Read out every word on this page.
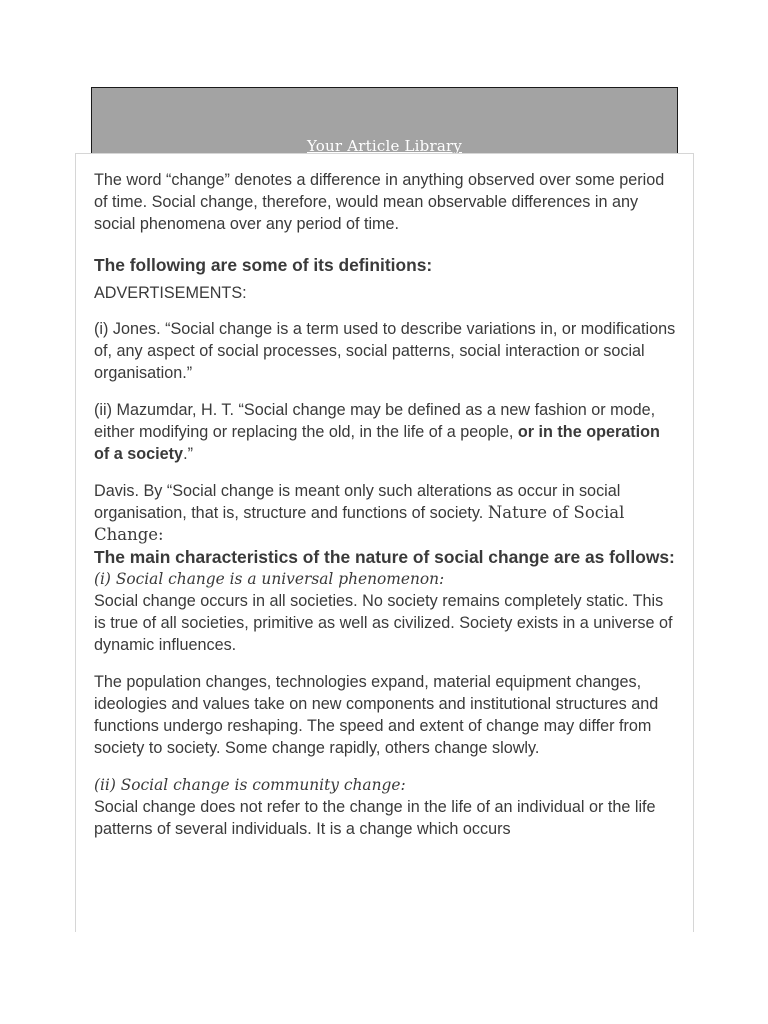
Your Article Library

The word “change” denotes a difference in anything observed over some period of time. Social change, therefore, would mean observable differences in any social phenomena over any period of time.

The following are some of its definitions:

ADVERTISEMENTS:

(i) Jones. “Social change is a term used to describe variations in, or modifications of, any aspect of social processes, social patterns, social interaction or social organisation.”

(ii) Mazumdar, H. T. “Social change may be defined as a new fashion or mode, either modifying or replacing the old, in the life of a people, or in the operation of a society.”

Davis. By “Social change is meant only such alterations as occur in social organisation, that is, structure and functions of society. Nature of Social Change:

The main characteristics of the nature of social change are as follows:

(i) Social change is a universal phenomenon:

Social change occurs in all societies. No society remains completely static. This is true of all societies, primitive as well as civilized. Society exists in a universe of dynamic influences.

The population changes, technologies expand, material equipment changes, ideologies and values take on new components and institutional structures and functions undergo reshaping. The speed and extent of change may differ from society to society. Some change rapidly, others change slowly.

(ii) Social change is community change:

Social change does not refer to the change in the life of an individual or the life patterns of several individuals. It is a change which occurs
